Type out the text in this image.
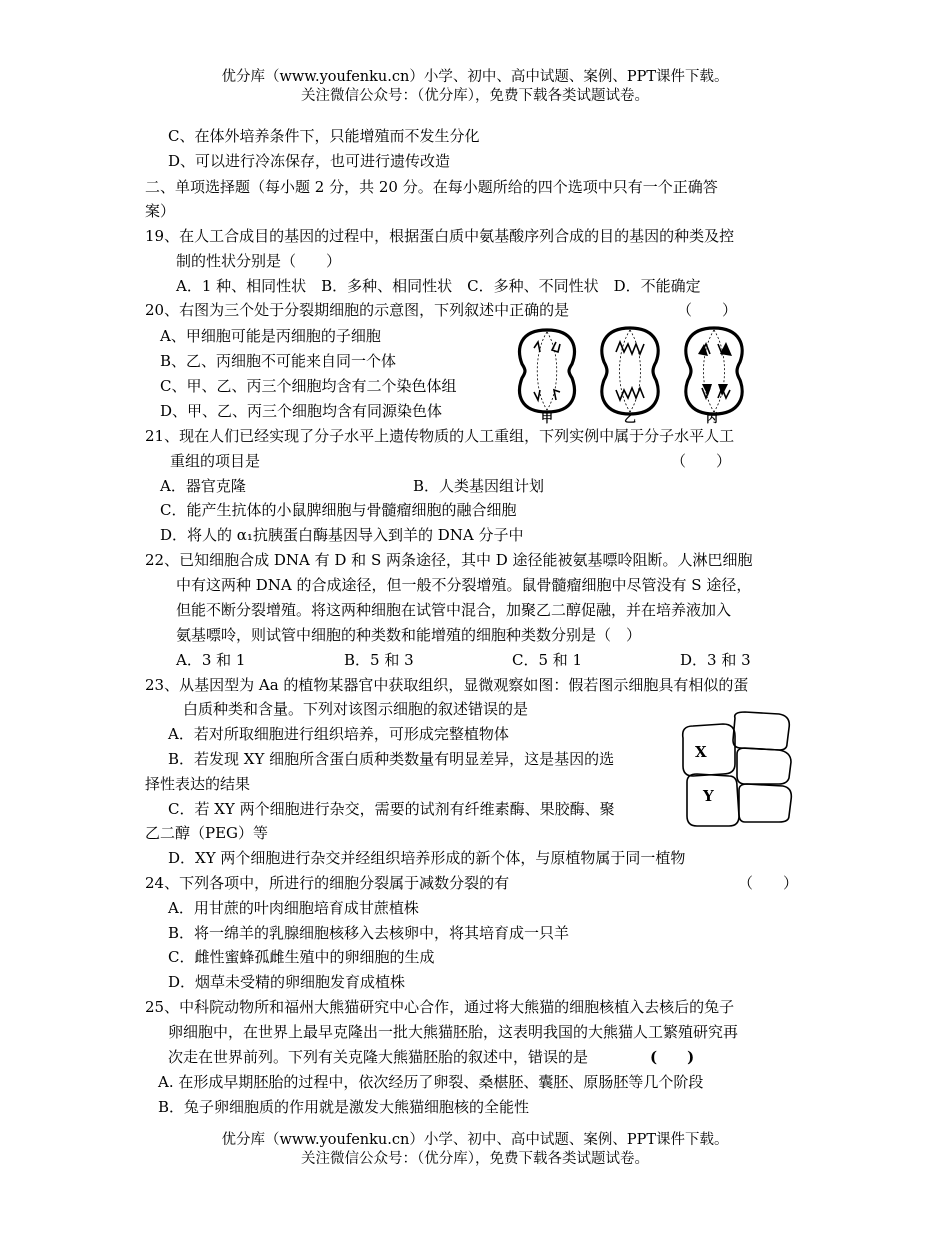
优分库（www.youfenku.cn）小学、初中、高中试题、案例、PPT课件下载。
关注微信公众号：（优分库），免费下载各类试题试卷。
C、在体外培养条件下，只能增殖而不发生分化
D、可以进行冷冻保存，也可进行遗传改造
二、单项选择题（每小题 2 分，共 20 分。在每小题所给的四个选项中只有一个正确答
案）
19、在人工合成目的基因的过程中，根据蛋白质中氨基酸序列合成的目的基因的种类及控
制的性状分别是（　　）
A．1 种、相同性状　B．多种、相同性状　C．多种、不同性状　D．不能确定
20、右图为三个处于分裂期细胞的示意图，下列叙述中正确的是	（　　）
A、甲细胞可能是丙细胞的子细胞
B、乙、丙细胞不可能来自同一个体
C、甲、乙、丙三个细胞均含有二个染色体组
D、甲、乙、丙三个细胞均含有同源染色体	甲	乙	丙
21、现在人们已经实现了分子水平上遗传物质的人工重组，下列实例中属于分子水平人工
重组的项目是	（　　）
A．器官克隆	B．人类基因组计划
C．能产生抗体的小鼠脾细胞与骨髓瘤细胞的融合细胞
D．将人的 α₁抗胰蛋白酶基因导入到羊的 DNA 分子中
22、已知细胞合成 DNA 有 D 和 S 两条途径，其中 D 途径能被氨基嘌呤阻断。人淋巴细胞
中有这两种 DNA 的合成途径，但一般不分裂增殖。鼠骨髓瘤细胞中尽管没有 S 途径，
但能不断分裂增殖。将这两种细胞在试管中混合，加聚乙二醇促融，并在培养液加入
氨基嘌呤，则试管中细胞的种类数和能增殖的细胞种类数分别是（　）
A．3 和 1	B．5 和 3	C．5 和 1	D．3 和 3
23、从基因型为 Aa 的植物某器官中获取组织，显微观察如图：假若图示细胞具有相似的蛋
白质种类和含量。下列对该图示细胞的叙述错误的是
A．若对所取细胞进行组织培养，可形成完整植物体
B．若发现 XY 细胞所含蛋白质种类数量有明显差异，这是基因的选
择性表达的结果
C．若 XY 两个细胞进行杂交，需要的试剂有纤维素酶、果胶酶、聚
乙二醇（PEG）等
D．XY 两个细胞进行杂交并经组织培养形成的新个体，与原植物属于同一植物
X
Y
24、下列各项中，所进行的细胞分裂属于减数分裂的有	（　　）
A．用甘蔗的叶肉细胞培育成甘蔗植株
B．将一绵羊的乳腺细胞核移入去核卵中，将其培育成一只羊
C．雌性蜜蜂孤雌生殖中的卵细胞的生成
D．烟草未受精的卵细胞发育成植株
25、中科院动物所和福州大熊猫研究中心合作，通过将大熊猫的细胞核植入去核后的兔子
卵细胞中，在世界上最早克隆出一批大熊猫胚胎，这表明我国的大熊猫人工繁殖研究再
次走在世界前列。下列有关克隆大熊猫胚胎的叙述中，错误的是	(　　)
A. 在形成早期胚胎的过程中，依次经历了卵裂、桑椹胚、囊胚、原肠胚等几个阶段
B．兔子卵细胞质的作用就是激发大熊猫细胞核的全能性
优分库（www.youfenku.cn）小学、初中、高中试题、案例、PPT课件下载。
关注微信公众号：（优分库），免费下载各类试题试卷。
